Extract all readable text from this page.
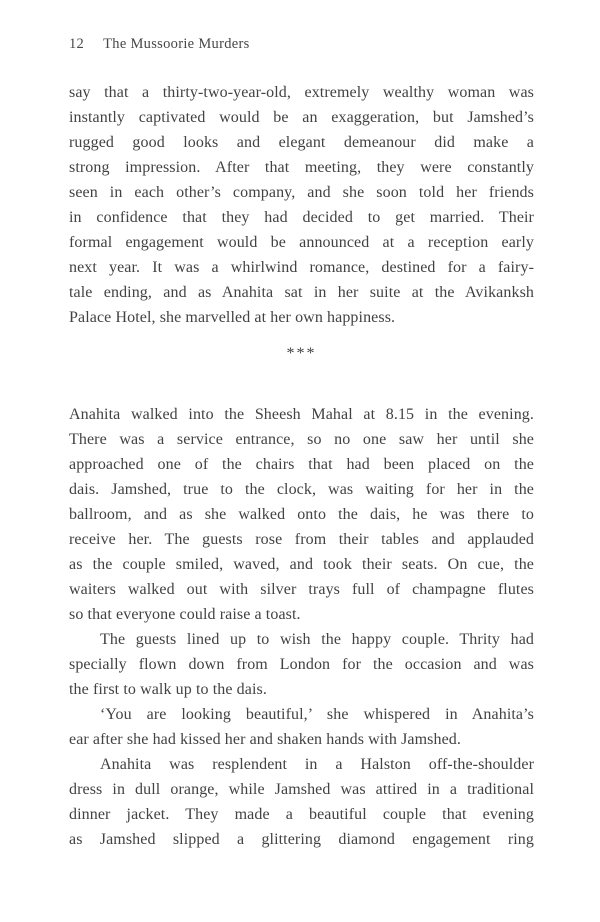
12 The Mussoorie Murders
say that a thirty-two-year-old, extremely wealthy woman was
instantly captivated would be an exaggeration, but Jamshed’s
rugged good looks and elegant demeanour did make a
strong impression. After that meeting, they were constantly
seen in each other’s company, and she soon told her friends
in confidence that they had decided to get married. Their
formal engagement would be announced at a reception early
next year. It was a whirlwind romance, destined for a fairy-
tale ending, and as Anahita sat in her suite at the Avikanksh
Palace Hotel, she marvelled at her own happiness.
***
Anahita walked into the Sheesh Mahal at 8.15 in the evening.
There was a service entrance, so no one saw her until she
approached one of the chairs that had been placed on the
dais. Jamshed, true to the clock, was waiting for her in the
ballroom, and as she walked onto the dais, he was there to
receive her. The guests rose from their tables and applauded
as the couple smiled, waved, and took their seats. On cue, the
waiters walked out with silver trays full of champagne flutes
so that everyone could raise a toast.
The guests lined up to wish the happy couple. Thrity had
specially flown down from London for the occasion and was
the first to walk up to the dais.
‘You are looking beautiful,’ she whispered in Anahita’s
ear after she had kissed her and shaken hands with Jamshed.
Anahita was resplendent in a Halston off-the-shoulder
dress in dull orange, while Jamshed was attired in a traditional
dinner jacket. They made a beautiful couple that evening
as Jamshed slipped a glittering diamond engagement ring
